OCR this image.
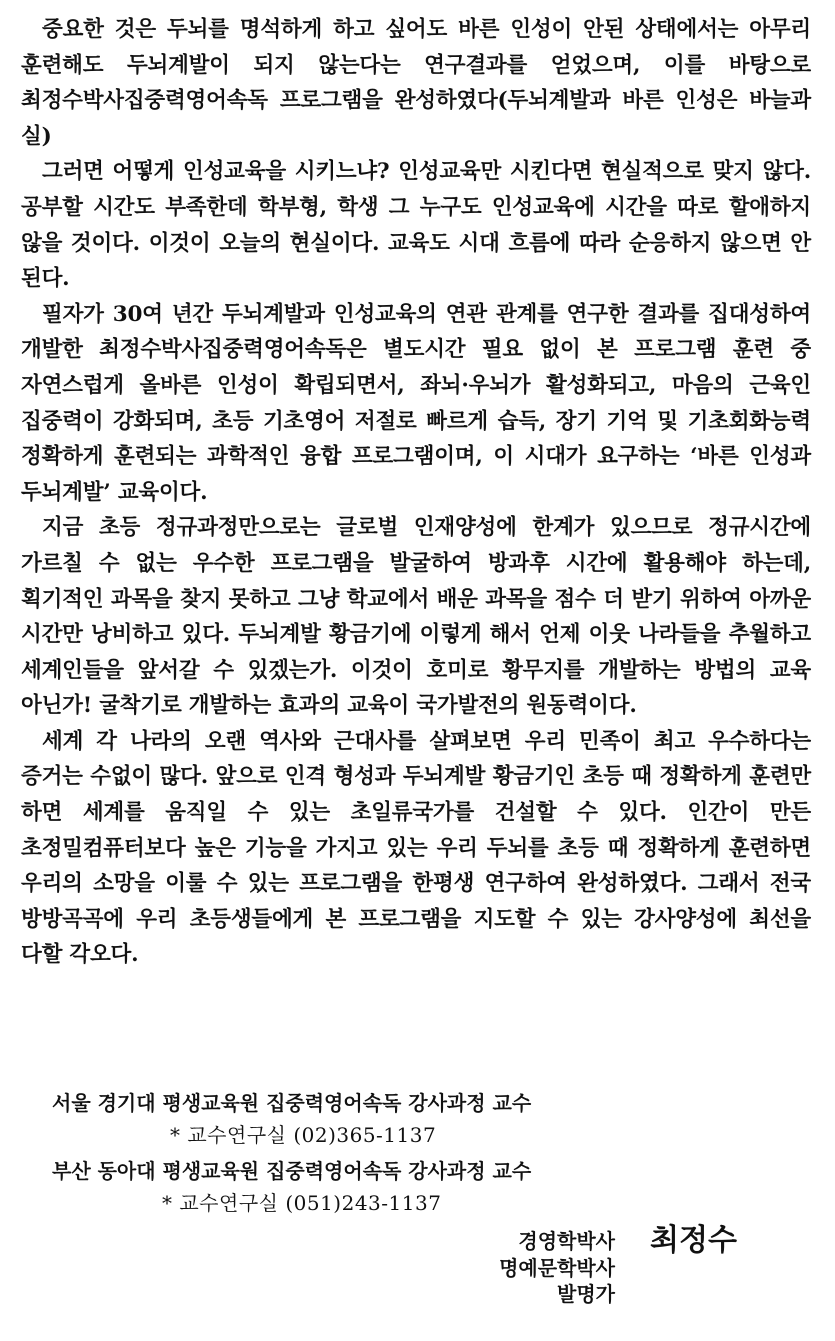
중요한 것은 두뇌를 명석하게 하고 싶어도 바른 인성이 안된 상태에서는 아무리 훈련해도 두뇌계발이 되지 않는다는 연구결과를 얻었으며, 이를 바탕으로 최정수박사집중력영어속독 프로그램을 완성하였다(두뇌계발과 바른 인성은 바늘과 실)

그러면 어떻게 인성교육을 시키느냐? 인성교육만 시킨다면 현실적으로 맞지 않다. 공부할 시간도 부족한데 학부형, 학생 그 누구도 인성교육에 시간을 따로 할애하지 않을 것이다. 이것이 오늘의 현실이다. 교육도 시대 흐름에 따라 순응하지 않으면 안 된다.

필자가 30여 년간 두뇌계발과 인성교육의 연관 관계를 연구한 결과를 집대성하여 개발한 최정수박사집중력영어속독은 별도시간 필요 없이 본 프로그램 훈련 중 자연스럽게 올바른 인성이 확립되면서, 좌뇌·우뇌가 활성화되고, 마음의 근육인 집중력이 강화되며, 초등 기초영어 저절로 빠르게 습득, 장기 기억 및 기초회화능력 정확하게 훈련되는 과학적인 융합 프로그램이며, 이 시대가 요구하는 ‘바른 인성과 두뇌계발’ 교육이다.

지금 초등 정규과정만으로는 글로벌 인재양성에 한계가 있으므로 정규시간에 가르칠 수 없는 우수한 프로그램을 발굴하여 방과후 시간에 활용해야 하는데, 획기적인 과목을 찾지 못하고 그냥 학교에서 배운 과목을 점수 더 받기 위하여 아까운 시간만 낭비하고 있다. 두뇌계발 황금기에 이렇게 해서 언제 이웃 나라들을 추월하고 세계인들을 앞서갈 수 있겠는가. 이것이 호미로 황무지를 개발하는 방법의 교육 아닌가! 굴착기로 개발하는 효과의 교육이 국가발전의 원동력이다.

세계 각 나라의 오랜 역사와 근대사를 살펴보면 우리 민족이 최고 우수하다는 증거는 수없이 많다. 앞으로 인격 형성과 두뇌계발 황금기인 초등 때 정확하게 훈련만 하면 세계를 움직일 수 있는 초일류국가를 건설할 수 있다. 인간이 만든 초정밀컴퓨터보다 높은 기능을 가지고 있는 우리 두뇌를 초등 때 정확하게 훈련하면 우리의 소망을 이룰 수 있는 프로그램을 한평생 연구하여 완성하였다. 그래서 전국 방방곡곡에 우리 초등생들에게 본 프로그램을 지도할 수 있는 강사양성에 최선을 다할 각오다.

서울 경기대 평생교육원 집중력영어속독 강사과정 교수
* 교수연구실 (02)365-1137
부산 동아대 평생교육원 집중력영어속독 강사과정 교수
* 교수연구실 (051)243-1137
경영학박사
명예문학박사
발명가
최정수
